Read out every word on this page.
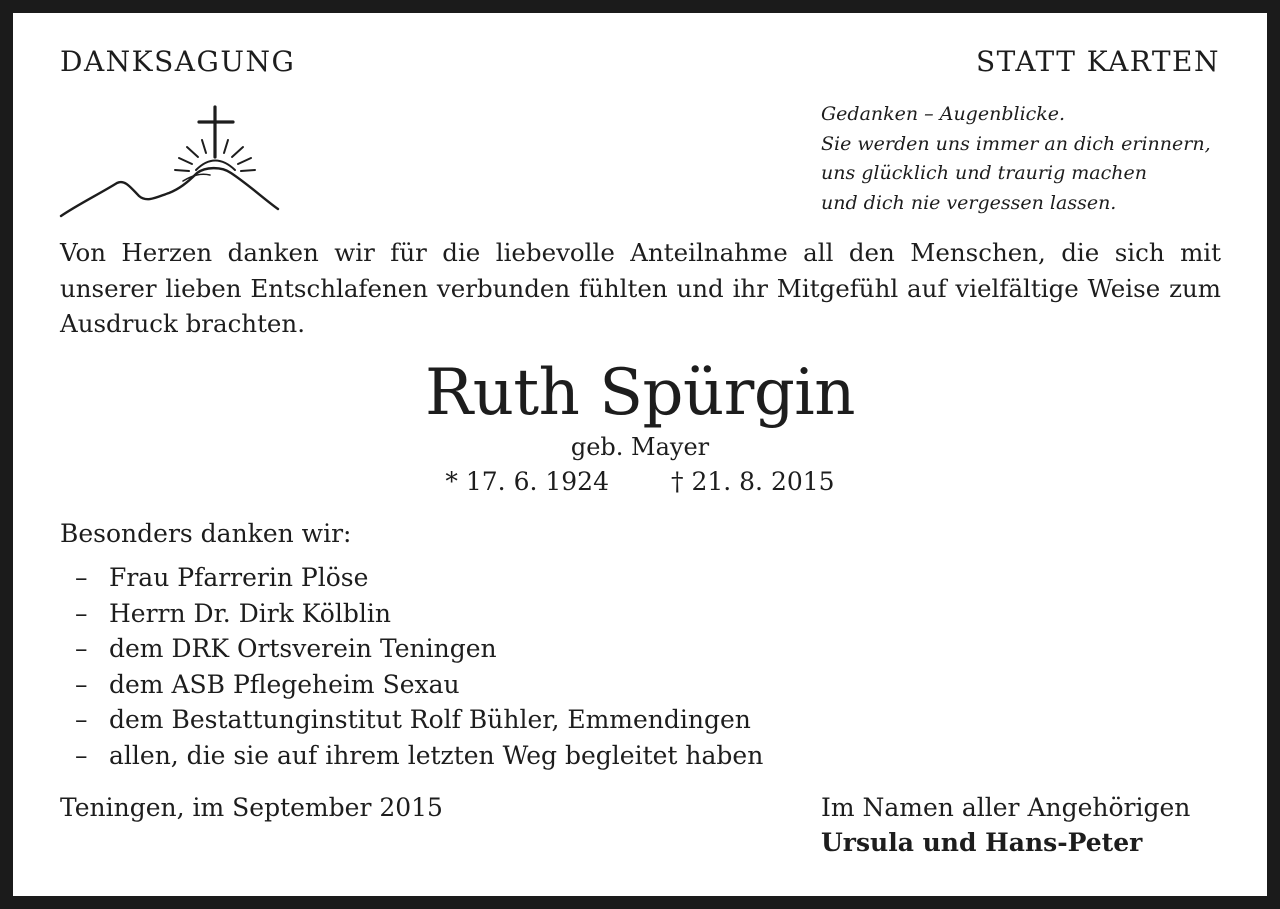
DANKSAGUNG	STATT KARTEN
Gedanken – Augenblicke.
Sie werden uns immer an dich erinnern,
uns glücklich und traurig machen
und dich nie vergessen lassen.
Von Herzen danken wir für die liebevolle Anteilnahme all den Menschen, die sich mit unserer lieben Entschlafenen verbunden fühlten und ihr Mitgefühl auf vielfältige Weise zum Ausdruck brachten.
Ruth Spürgin
geb. Mayer
* 17. 6. 1924 † 21. 8. 2015
Besonders danken wir:
– Frau Pfarrerin Plöse
– Herrn Dr. Dirk Kölblin
– dem DRK Ortsverein Teningen
– dem ASB Pflegeheim Sexau
– dem Bestattunginstitut Rolf Bühler, Emmendingen
– allen, die sie auf ihrem letzten Weg begleitet haben
Teningen, im September 2015	Im Namen aller Angehörigen
Ursula und Hans-Peter
